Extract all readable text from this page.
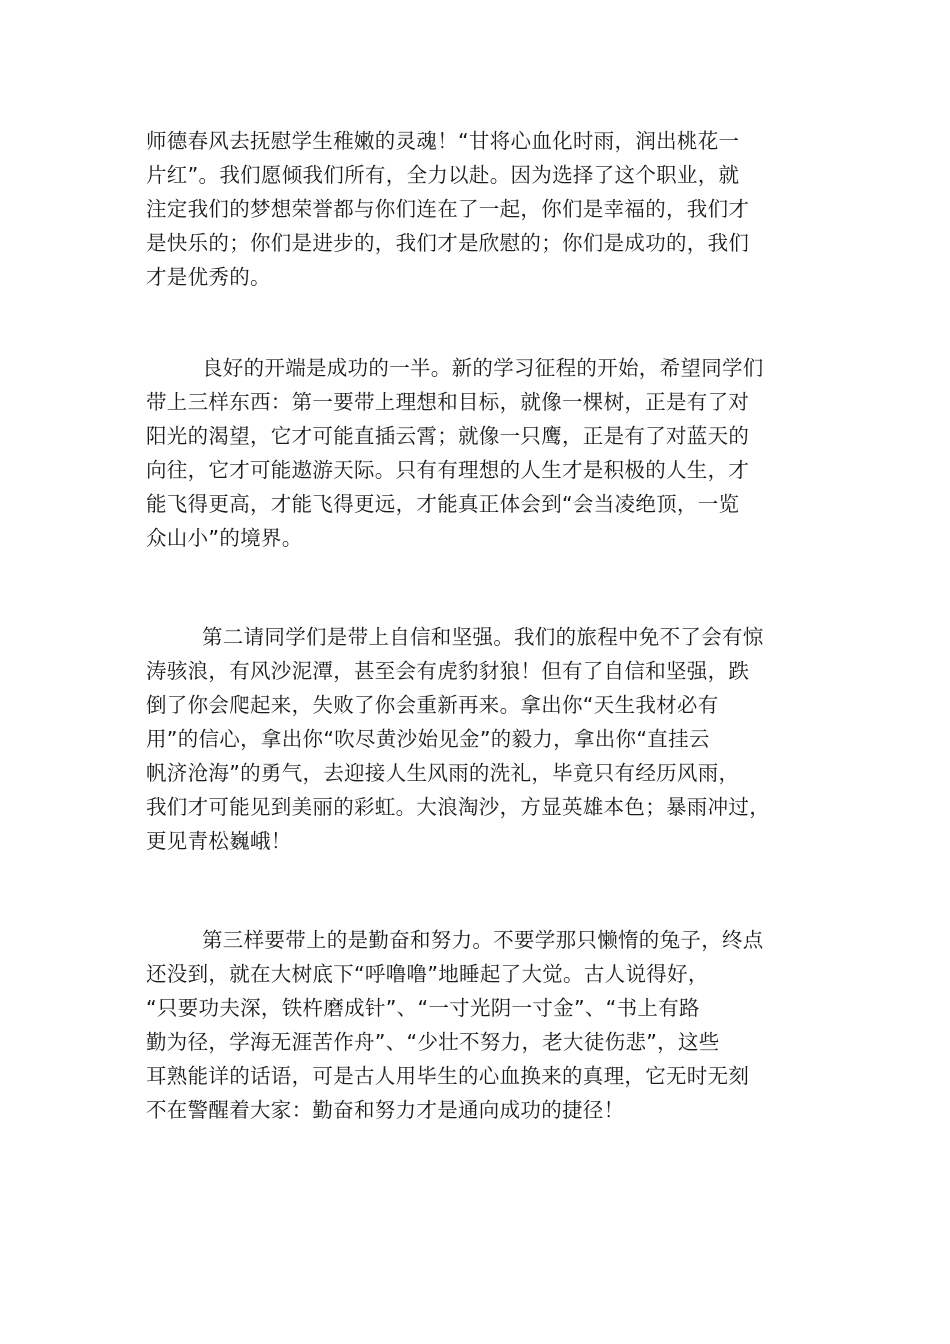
师德春风去抚慰学生稚嫩的灵魂！“甘将心血化时雨，润出桃花一
片红”。我们愿倾我们所有，全力以赴。因为选择了这个职业，就
注定我们的梦想荣誉都与你们连在了一起，你们是幸福的，我们才
是快乐的；你们是进步的，我们才是欣慰的；你们是成功的，我们
才是优秀的。
良好的开端是成功的一半。新的学习征程的开始，希望同学们
带上三样东西：第一要带上理想和目标，就像一棵树，正是有了对
阳光的渴望，它才可能直插云霄；就像一只鹰，正是有了对蓝天的
向往，它才可能遨游天际。只有有理想的人生才是积极的人生，才
能飞得更高，才能飞得更远，才能真正体会到“会当凌绝顶，一览
众山小”的境界。
第二请同学们是带上自信和坚强。我们的旅程中免不了会有惊
涛骇浪，有风沙泥潭，甚至会有虎豹豺狼！但有了自信和坚强，跌
倒了你会爬起来，失败了你会重新再来。拿出你“天生我材必有
用”的信心，拿出你“吹尽黄沙始见金”的毅力，拿出你“直挂云
帆济沧海”的勇气，去迎接人生风雨的洗礼，毕竟只有经历风雨，
我们才可能见到美丽的彩虹。大浪淘沙，方显英雄本色；暴雨冲过，
更见青松巍峨！
第三样要带上的是勤奋和努力。不要学那只懒惰的兔子，终点
还没到，就在大树底下“呼噜噜”地睡起了大觉。古人说得好，
“只要功夫深，铁杵磨成针”、“一寸光阴一寸金”、“书上有路
勤为径，学海无涯苦作舟”、“少壮不努力，老大徒伤悲”，这些
耳熟能详的话语，可是古人用毕生的心血换来的真理，它无时无刻
不在警醒着大家：勤奋和努力才是通向成功的捷径！
